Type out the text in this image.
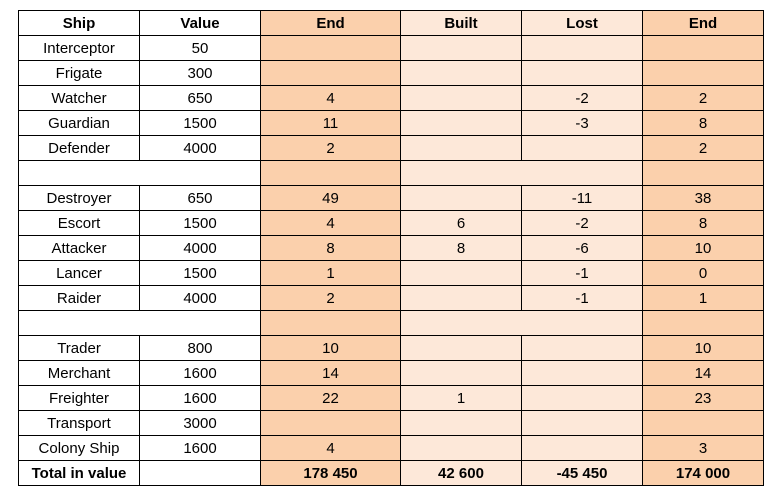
Ship	Value	End	Built	Lost	End
Interceptor	50				
Frigate	300				
Watcher	650	4		-2	2
Guardian	1500	11		-3	8
Defender	4000	2			2

Destroyer	650	49		-11	38
Escort	1500	4	6	-2	8
Attacker	4000	8	8	-6	10
Lancer	1500	1		-1	0
Raider	4000	2		-1	1

Trader	800	10			10
Merchant	1600	14			14
Freighter	1600	22	1		23
Transport	3000				
Colony Ship	1600	4			3
Total in value		178 450	42 600	-45 450	174 000
